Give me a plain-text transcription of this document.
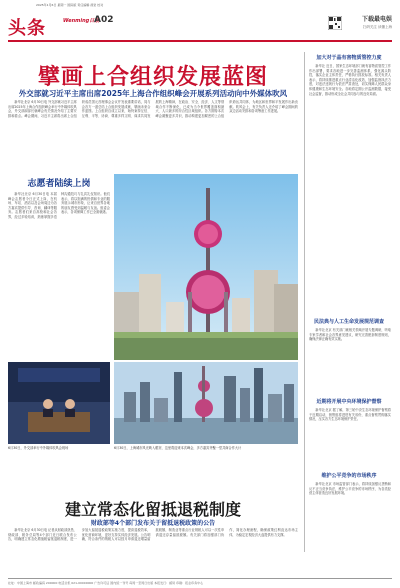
2025年1月6日 星期一 国际版 责任编辑 视觉 校对
头条	Wenming日报
A02	下载最电娱
扫码关注 读懂上海
擘画上合组织发展蓝图
外交部就习近平主席出席2025年上海合作组织峰会开展系列活动向中外媒体吹风

新华社北京 6月30日电 外交部就习近平主席出席2025年上海合作组织峰会举行中外媒体吹风会，外交部副部长就峰会有关情况介绍了主要安排和看点。峰会期间，习近平主席将出席上合组织成员国元首理事会会议并发表重要讲话，同与会各方一道总结上合组织发展成就，擘画未来合作蓝图。上合组织自成立以来，始终秉持互信、互利、平等、协商、尊重多样文明、谋求共同发展的上海精神，在政治、安全、经济、人文等领域合作不断深化，已成为当今世界覆盖面积最大、人口最多的综合性区域组织。各方期待本次峰会凝聚更多共识，推动构建更加紧密的上合组织命运共同体，为地区和世界和平发展作出新贡献。吹风会上，有关负责人还介绍了峰会期间的双边活动安排和各项筹备工作进展。

志愿者陆续上岗

新华社北京 6月30日电 本届峰会志愿者今日正式上岗，在机场、车站、酒店以及会场周边为各方嘉宾提供引导、咨询、翻译等服务。志愿者们来自高校和社会各界，经过多轮培训，熟练掌握多语种沟通技巧与礼宾礼仪知识。他们表示，将以饱满的热情和专业的服务展示城市形象，让来自世界各地的朋友感受到温暖与友谊。组委会表示，各项保障工作已全面就绪。

6月30日，外交部举行中外媒体吹风会现场	6月30日，上海城市风光映入眼帘，这里将迎来本次峰会，多方嘉宾齐聚一堂共商合作大计
建立常态化留抵退税制度
财政部等4个部门发布关于留抵退税政策的公告

新华社北京 6月30日电 记者从财政部获悉，财政部、税务总局等4个部门近日联合发布公告，明确建立常态化增值税留抵退税制度，进一步加大留抵退税政策实施力度，提高退税效率，优化营商环境，更好支持实体经济发展。公告明确，符合条件的纳税人可以按月申请退还增量留抵税额，制造业等重点行业纳税人可以一次性申请退还存量留抵税额。有关部门将加强部门协作，简化办理流程，确保政策红利直达市场主体，为稳定宏观经济大盘提供有力支撑。

加大对于晶有害物质管控力度

新华社 近日，国家生态环境部门就有害物质管控工作作出部署，要求各地进一步完善监测体系，强化源头防控，落实企业主体责任，严格执行排放标准。相关负责人表示，将持续推进重点行业清洁化改造，加强监督执法力度，对违法违规行为依法严肃查处，切实保障人民群众身体健康和生态环境安全。各地将定期公开监测数据，接受社会监督，推动形成全社会共同参与的良好局面。

民法典与人工生命发展规范调查

新华社北京 有关部门就相关领域开展专题调研，听取专家学者和社会各界意见建议，研究完善配套制度规则，确保法律正确有效实施。

近期将开展中央环境保护督察

新华社北京 据了解，第三轮中央生态环境保护督察将于近期启动，督察组将进驻有关省份，重点督察贯彻落实情况，压实各方生态环境保护责任。

维护公平竞争的市场秩序

新华社北京 市场监管部门表示，将持续加强反垄断和反不正当竞争执法，维护公平竞争的市场秩序，为各类经营主体营造良好发展环境。

社址：中国上海市 邮政编码 200000 电话总机 021-00000000 广告许可证 国内统一刊号 每周一至周日出版 本报发行：邮局 印刷：报业印务中心
